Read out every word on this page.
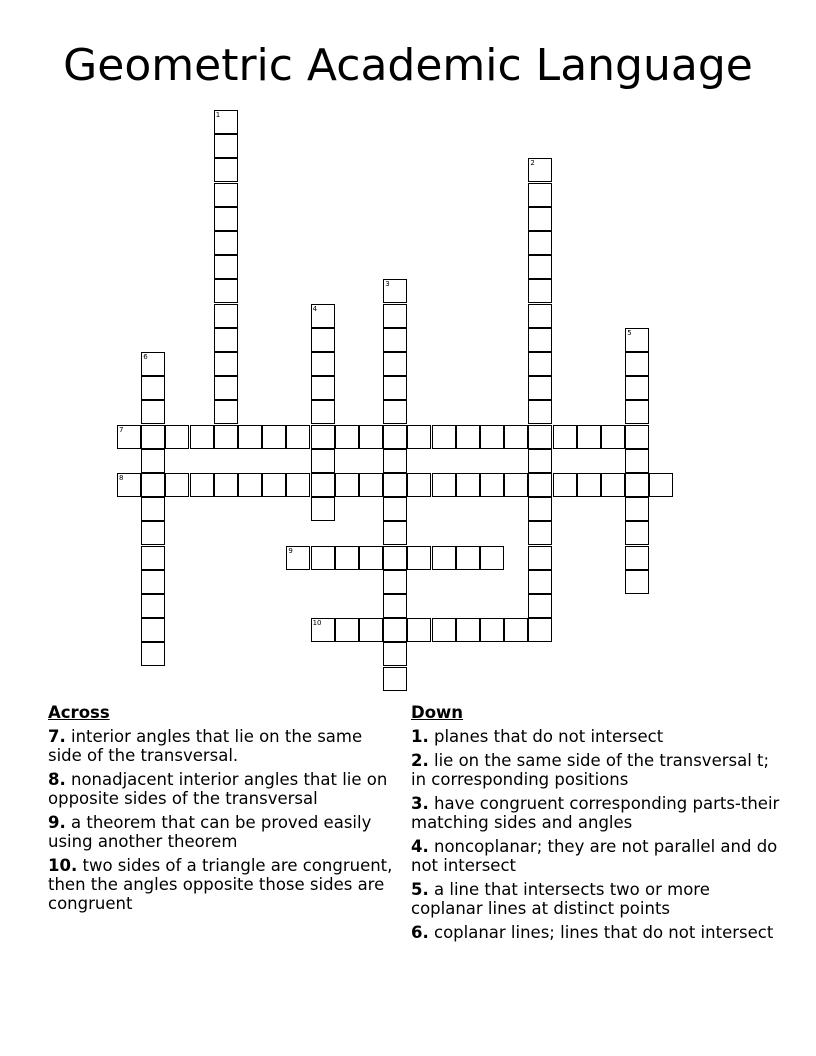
Geometric Academic Language
1
2
3
4
5
6
7
8
9
10
Across
7. interior angles that lie on the same side of the transversal.
8. nonadjacent interior angles that lie on opposite sides of the transversal
9. a theorem that can be proved easily using another theorem
10. two sides of a triangle are congruent, then the angles opposite those sides are congruent
Down
1. planes that do not intersect
2. lie on the same side of the transversal t; in corresponding positions
3. have congruent corresponding parts-their matching sides and angles
4. noncoplanar; they are not parallel and do not intersect
5. a line that intersects two or more coplanar lines at distinct points
6. coplanar lines; lines that do not intersect
